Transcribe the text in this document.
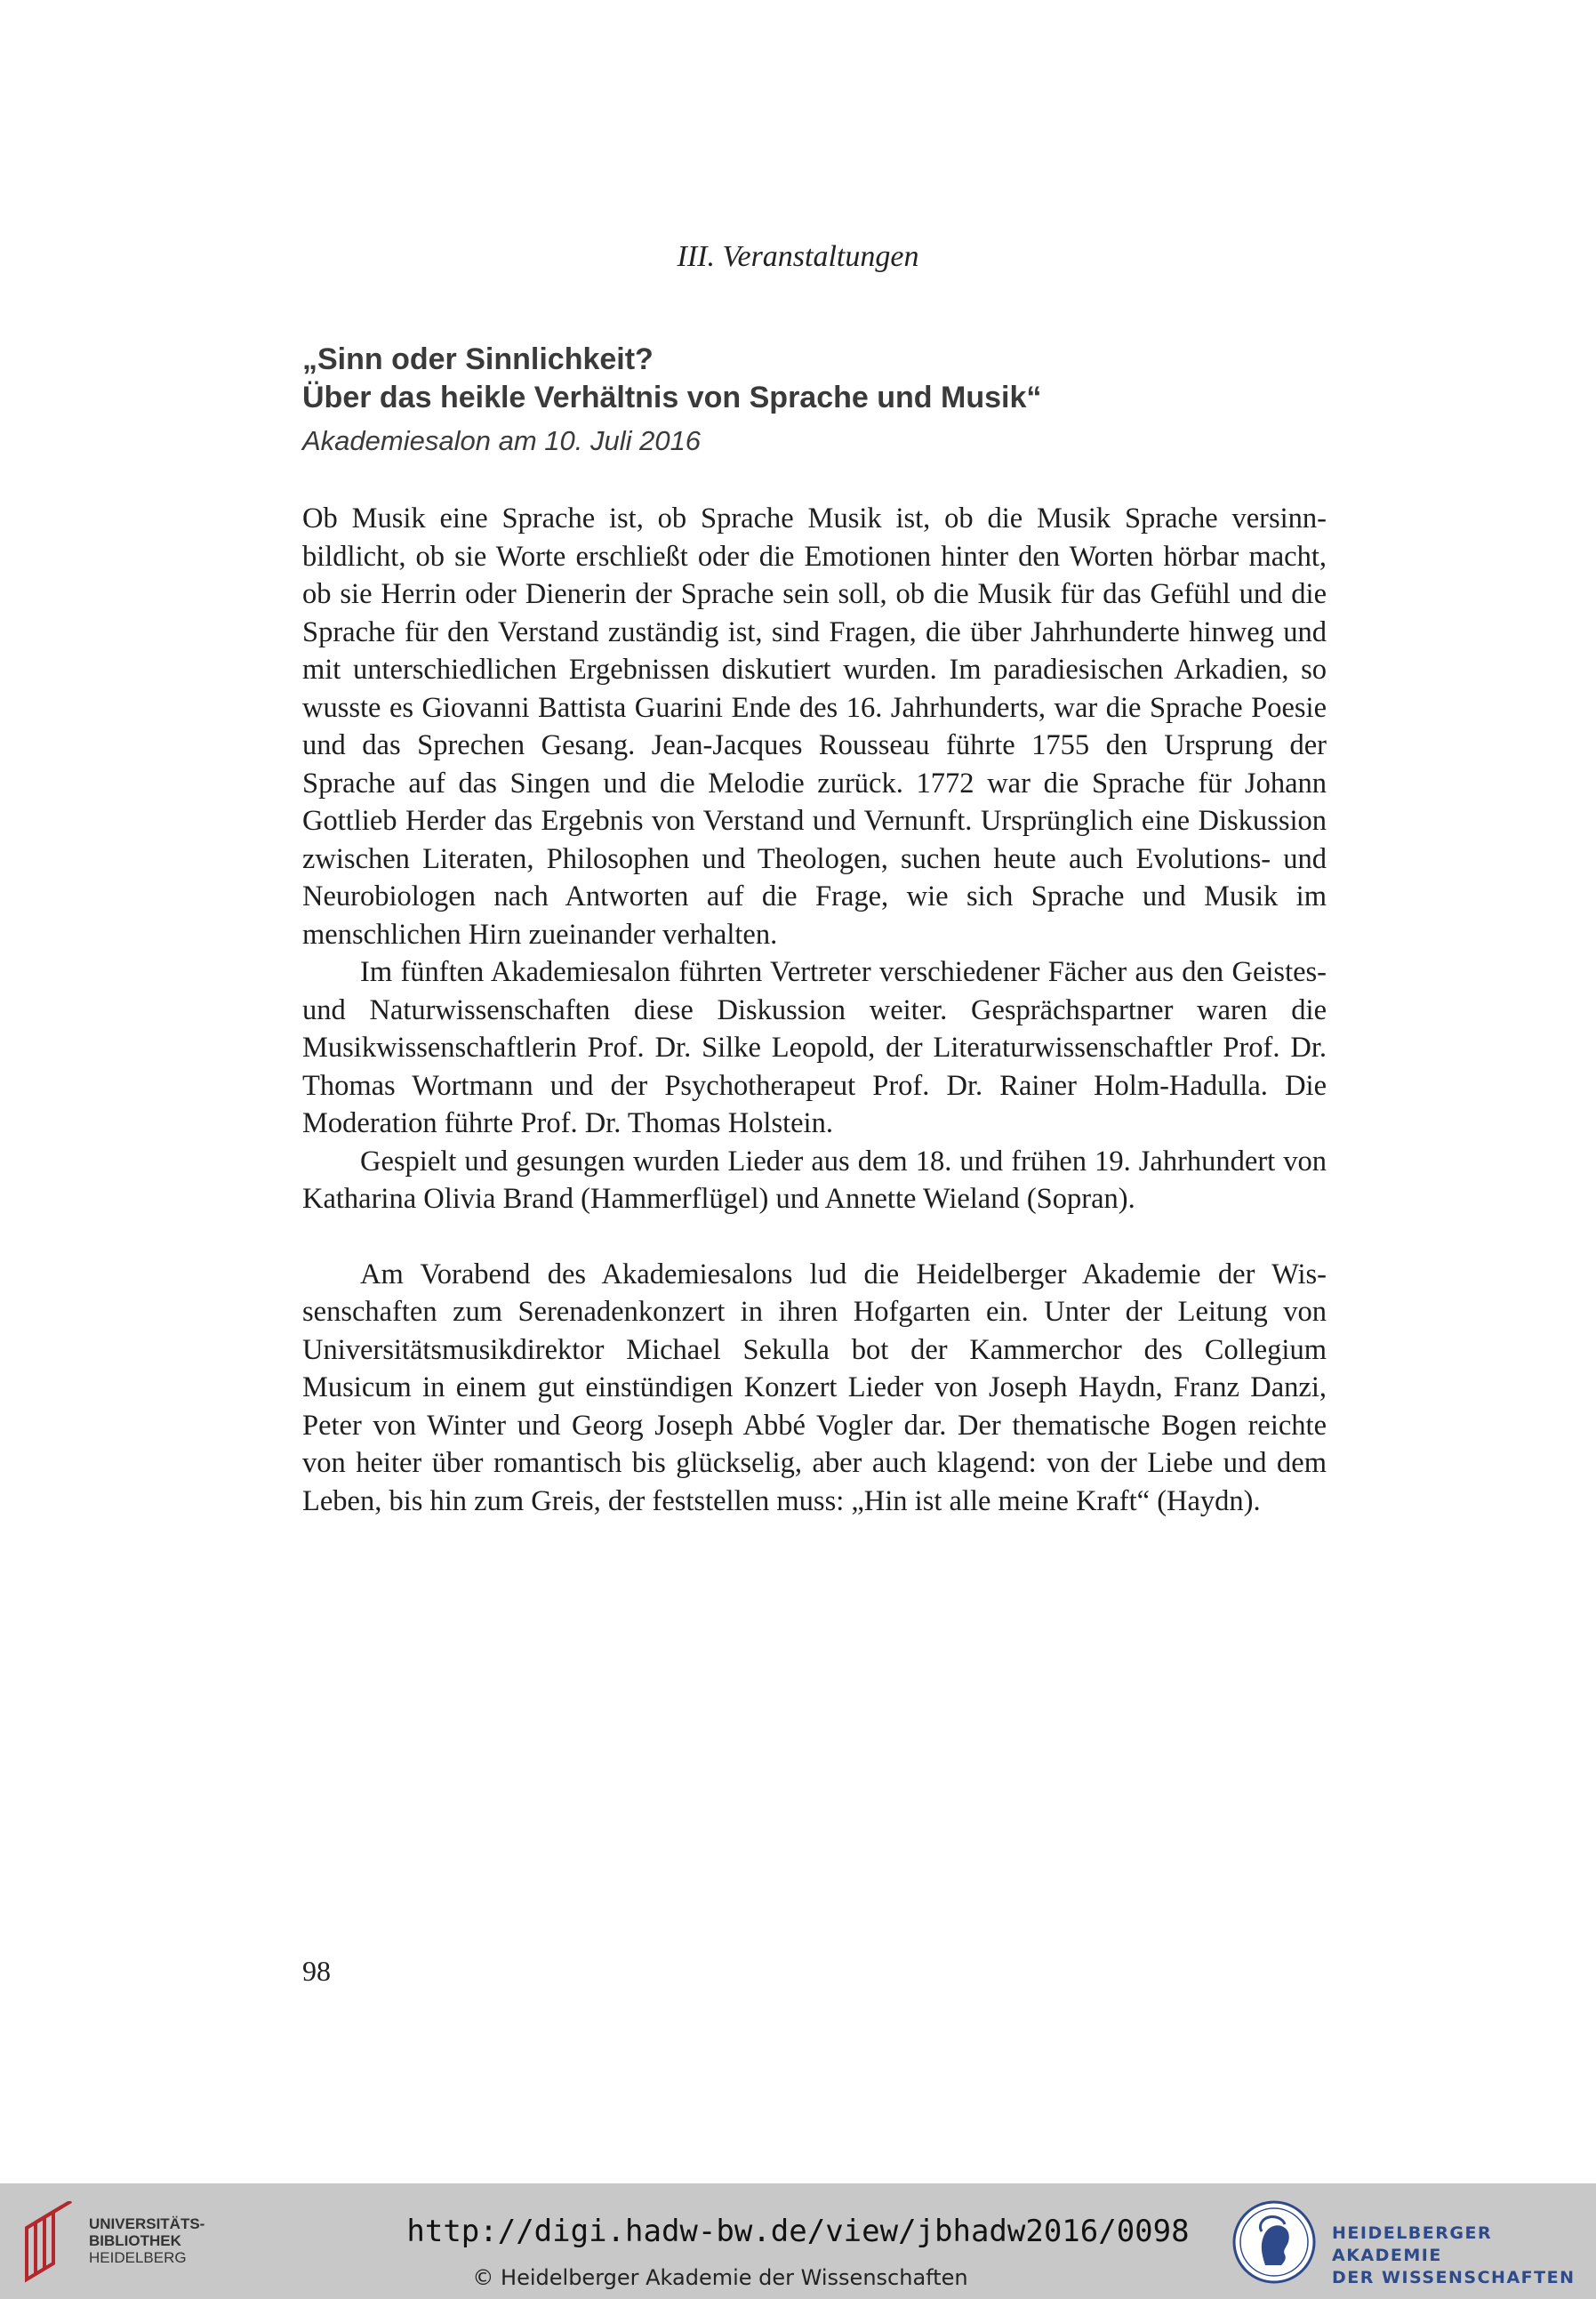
III. Veranstaltungen
„Sinn oder Sinnlichkeit?
Über das heikle Verhältnis von Sprache und Musik“
Akademiesalon am 10. Juli 2016

Ob Musik eine Sprache ist, ob Sprache Musik ist, ob die Musik Sprache versinnbildlicht, ob sie Worte erschließt oder die Emotionen hinter den Worten hörbar macht, ob sie Herrin oder Dienerin der Sprache sein soll, ob die Musik für das Gefühl und die Sprache für den Verstand zuständig ist, sind Fragen, die über Jahrhunderte hinweg und mit unterschiedlichen Ergebnissen diskutiert wurden. Im paradiesischen Arkadien, so wusste es Giovanni Battista Guarini Ende des 16. Jahrhunderts, war die Sprache Poesie und das Sprechen Gesang. Jean-Jacques Rousseau führte 1755 den Ursprung der Sprache auf das Singen und die Melodie zurück. 1772 war die Sprache für Johann Gottlieb Herder das Ergebnis von Verstand und Vernunft. Ursprünglich eine Diskussion zwischen Literaten, Philosophen und Theologen, suchen heute auch Evolutions- und Neurobiologen nach Antworten auf die Frage, wie sich Sprache und Musik im menschlichen Hirn zueinander verhalten.

Im fünften Akademiesalon führten Vertreter verschiedener Fächer aus den Geistes- und Naturwissenschaften diese Diskussion weiter. Gesprächspartner waren die Musikwissenschaftlerin Prof. Dr. Silke Leopold, der Literaturwissenschaftler Prof. Dr. Thomas Wortmann und der Psychotherapeut Prof. Dr. Rainer Holm-Hadulla. Die Moderation führte Prof. Dr. Thomas Holstein.

Gespielt und gesungen wurden Lieder aus dem 18. und frühen 19. Jahrhundert von Katharina Olivia Brand (Hammerflügel) und Annette Wieland (Sopran).

Am Vorabend des Akademiesalons lud die Heidelberger Akademie der Wissenschaften zum Serenadenkonzert in ihren Hofgarten ein. Unter der Leitung von Universitätsmusikdirektor Michael Sekulla bot der Kammerchor des Collegium Musicum in einem gut einstündigen Konzert Lieder von Joseph Haydn, Franz Danzi, Peter von Winter und Georg Joseph Abbé Vogler dar. Der thematische Bogen reichte von heiter über romantisch bis glückselig, aber auch klagend: von der Liebe und dem Leben, bis hin zum Greis, der feststellen muss: „Hin ist alle meine Kraft“ (Haydn).

98
UNIVERSITÄTS-
BIBLIOTHEK
HEIDELBERG
http://digi.hadw-bw.de/view/jbhadw2016/0098
© Heidelberger Akademie der Wissenschaften
HEIDELBERGER AKADEMIE
DER WISSENSCHAFTEN
